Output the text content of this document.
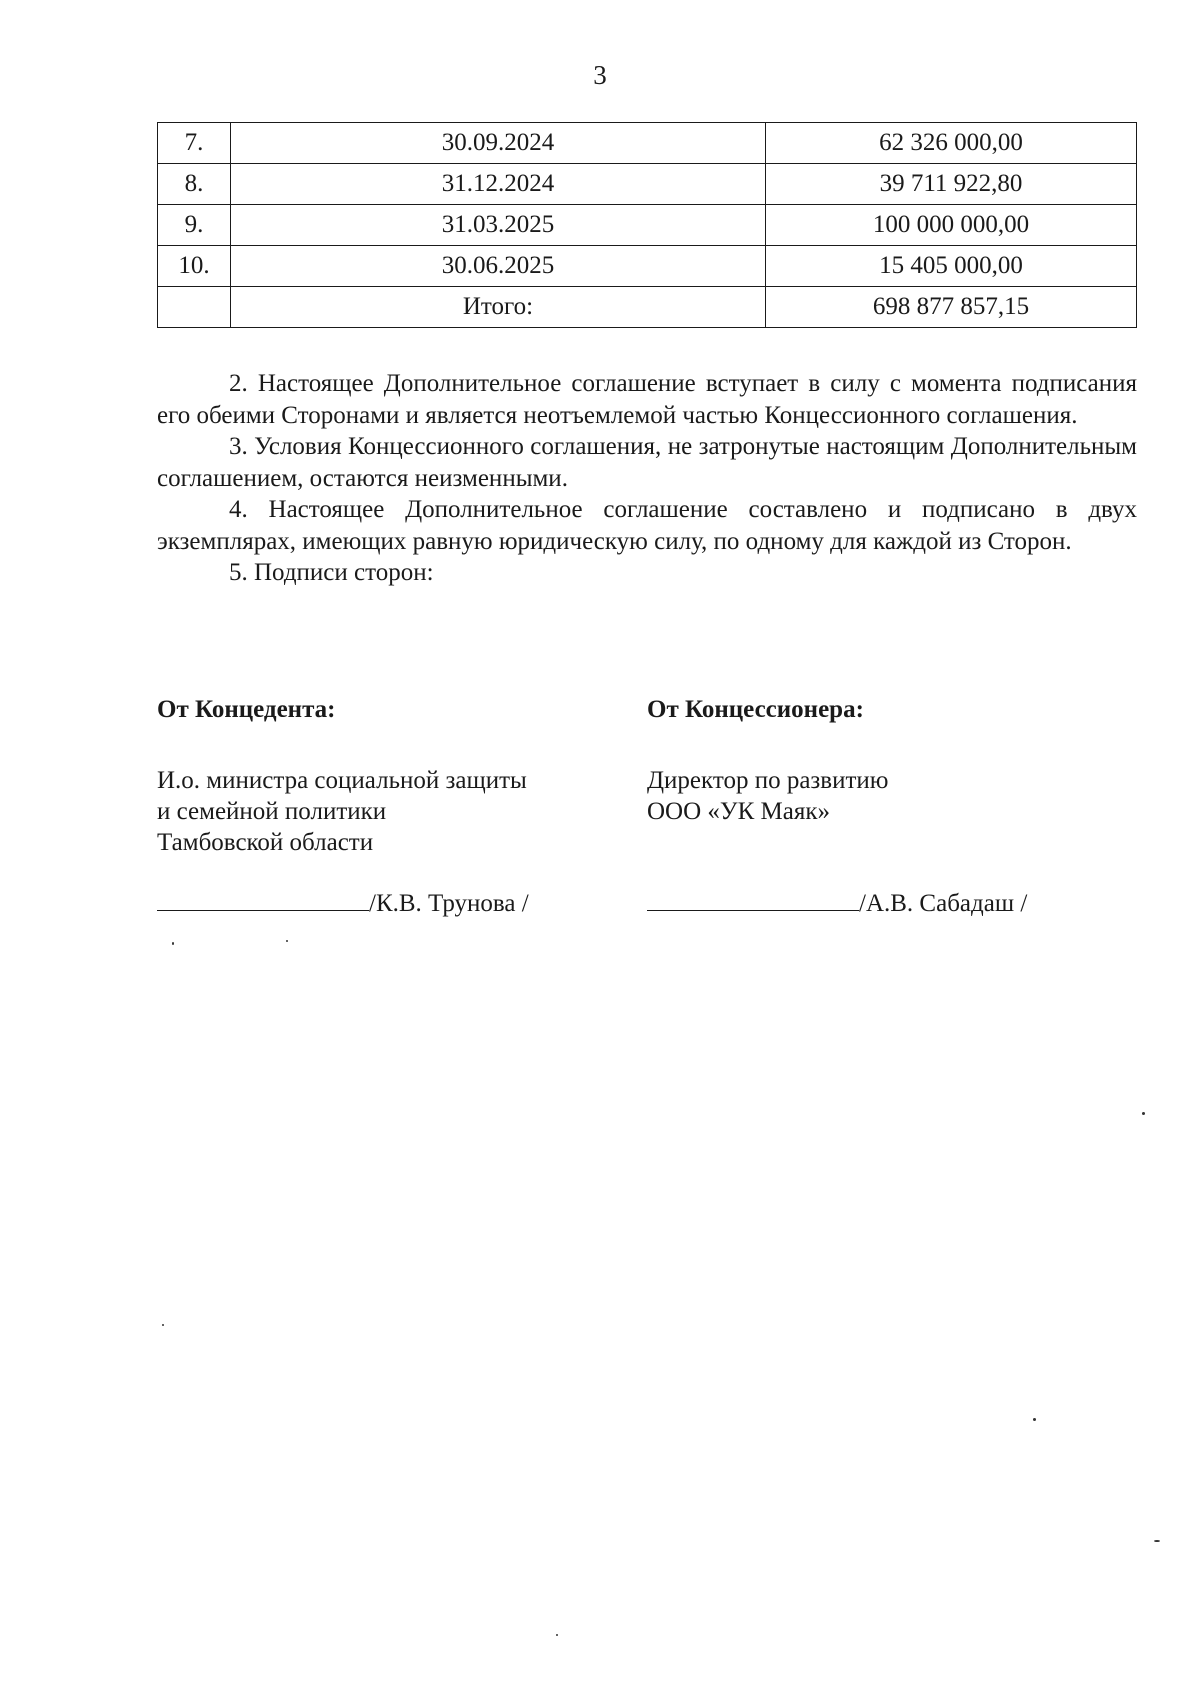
3
7.	30.09.2024	62 326 000,00
8.	31.12.2024	39 711 922,80
9.	31.03.2025	100 000 000,00
10.	30.06.2025	15 405 000,00
	Итого:	698 877 857,15

2. Настоящее Дополнительное соглашение вступает в силу с момента подписания его обеими Сторонами и является неотъемлемой частью Концессионного соглашения.

3. Условия Концессионного соглашения, не затронутые настоящим Дополнительным соглашением, остаются неизменными.

4. Настоящее Дополнительное соглашение составлено и подписано в двух экземплярах, имеющих равную юридическую силу, по одному для каждой из Сторон.

5. Подписи сторон:

От Концедента:
И.о. министра социальной защиты
и семейной политики
Тамбовской области
От Концессионера:
Директор по развитию
ООО «УК Маяк»
/К.В. Трунова /	/А.В. Сабадаш /
